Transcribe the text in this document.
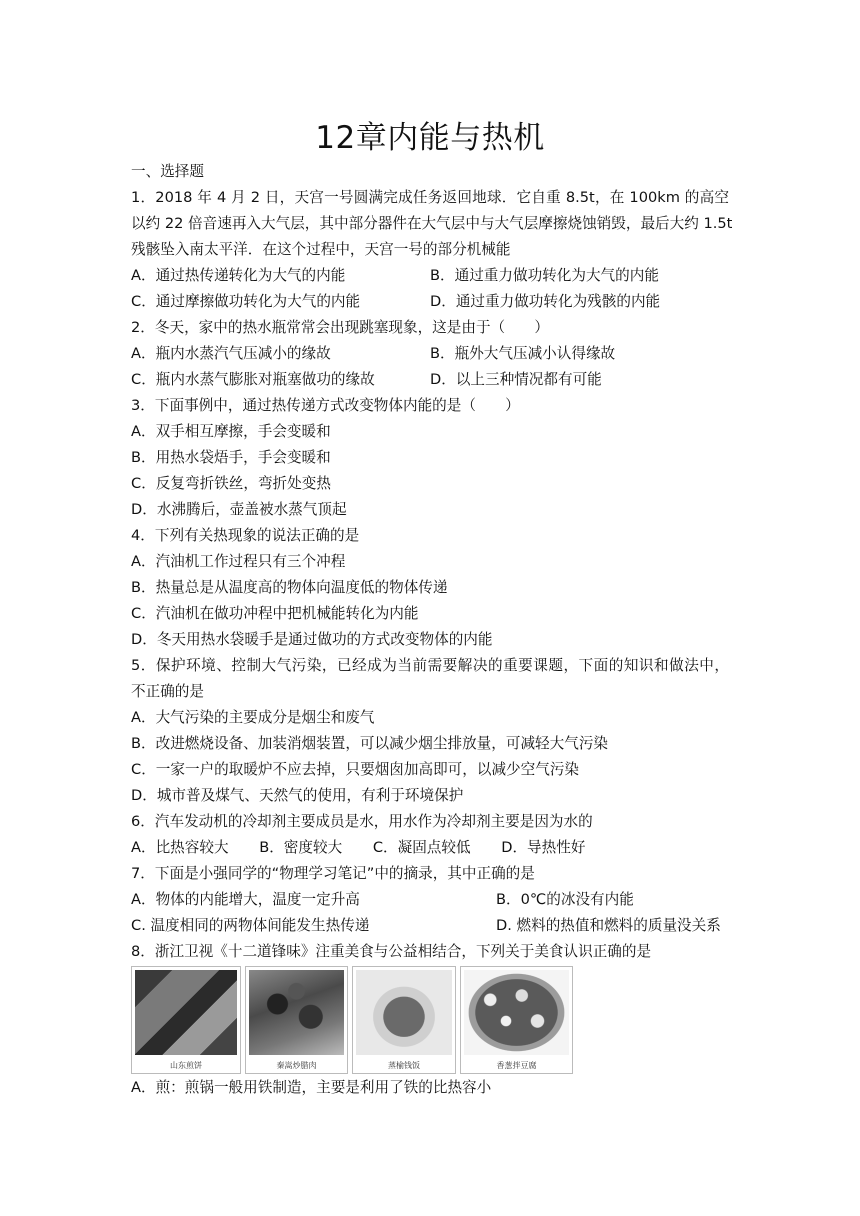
12章内能与热机
一、选择题
1．2018 年 4 月 2 日，天宫一号圆满完成任务返回地球．它自重 8.5t，在 100km 的高空
以约 22 倍音速再入大气层，其中部分器件在大气层中与大气层摩擦烧蚀销毁，最后大约 1.5t
残骸坠入南太平洋．在这个过程中，天宫一号的部分机械能
A．通过热传递转化为大气的内能	B．通过重力做功转化为大气的内能
C．通过摩擦做功转化为大气的内能	D．通过重力做功转化为残骸的内能
2．冬天，家中的热水瓶常常会出现跳塞现象，这是由于（　　）
A．瓶内水蒸汽气压减小的缘故	B．瓶外大气压减小认得缘故
C．瓶内水蒸气膨胀对瓶塞做功的缘故	D．以上三种情况都有可能
3．下面事例中，通过热传递方式改变物体内能的是（　　）
A．双手相互摩擦，手会变暖和
B．用热水袋焐手，手会变暖和
C．反复弯折铁丝，弯折处变热
D．水沸腾后，壶盖被水蒸气顶起
4．下列有关热现象的说法正确的是
A．汽油机工作过程只有三个冲程
B．热量总是从温度高的物体向温度低的物体传递
C．汽油机在做功冲程中把机械能转化为内能
D．冬天用热水袋暖手是通过做功的方式改变物体的内能
5．保护环境、控制大气污染，已经成为当前需要解决的重要课题，下面的知识和做法中，
不正确的是
A．大气污染的主要成分是烟尘和废气
B．改进燃烧设备、加装消烟装置，可以减少烟尘排放量，可减轻大气污染
C．一家一户的取暖炉不应去掉，只要烟囱加高即可，以减少空气污染
D．城市普及煤气、天然气的使用，有利于环境保护
6．汽车发动机的冷却剂主要成员是水，用水作为冷却剂主要是因为水的
A．比热容较大 B．密度较大 C．凝固点较低 D．导热性好
7．下面是小强同学的“物理学习笔记”中的摘录，其中正确的是
A．物体的内能增大，温度一定升高	B．0℃的冰没有内能
C. 温度相同的两物体间能发生热传递	D. 燃料的热值和燃料的质量没关系
8．浙江卫视《十二道锋味》注重美食与公益相结合，下列关于美食认识正确的是
山东煎饼	秦嵩炒腊肉	蒸榆钱饭	香葱拌豆腐
A．煎：煎锅一般用铁制造，主要是利用了铁的比热容小
